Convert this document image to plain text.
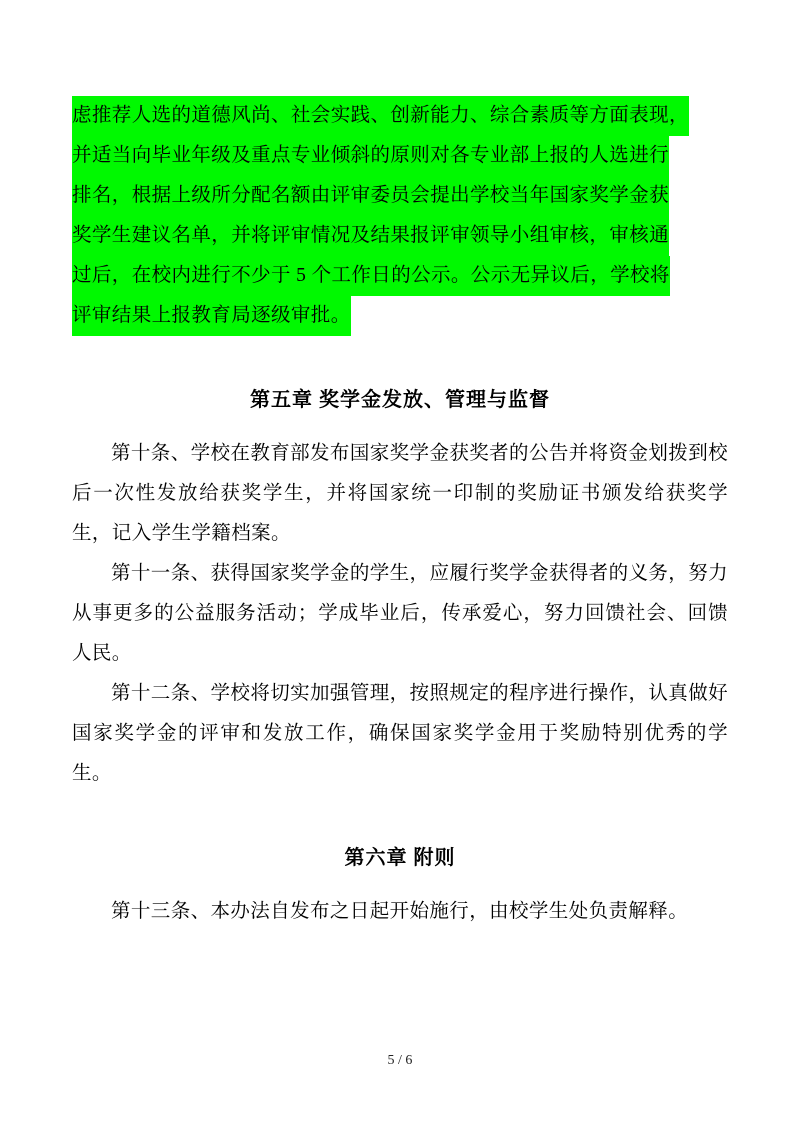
虑推荐人选的道德风尚、社会实践、创新能力、综合素质等方面表现，
并适当向毕业年级及重点专业倾斜的原则对各专业部上报的人选进行
排名，根据上级所分配名额由评审委员会提出学校当年国家奖学金获
奖学生建议名单，并将评审情况及结果报评审领导小组审核，审核通
过后，在校内进行不少于 5 个工作日的公示。公示无异议后，学校将
评审结果上报教育局逐级审批。

第五章 奖学金发放、管理与监督

第十条、学校在教育部发布国家奖学金获奖者的公告并将资金划拨到校后一次性发放给获奖学生，并将国家统一印制的奖励证书颁发给获奖学生，记入学生学籍档案。

第十一条、获得国家奖学金的学生，应履行奖学金获得者的义务，努力从事更多的公益服务活动；学成毕业后，传承爱心，努力回馈社会、回馈人民。

第十二条、学校将切实加强管理，按照规定的程序进行操作，认真做好国家奖学金的评审和发放工作，确保国家奖学金用于奖励特别优秀的学生。

第六章 附则

第十三条、本办法自发布之日起开始施行，由校学生处负责解释。

5 / 6
